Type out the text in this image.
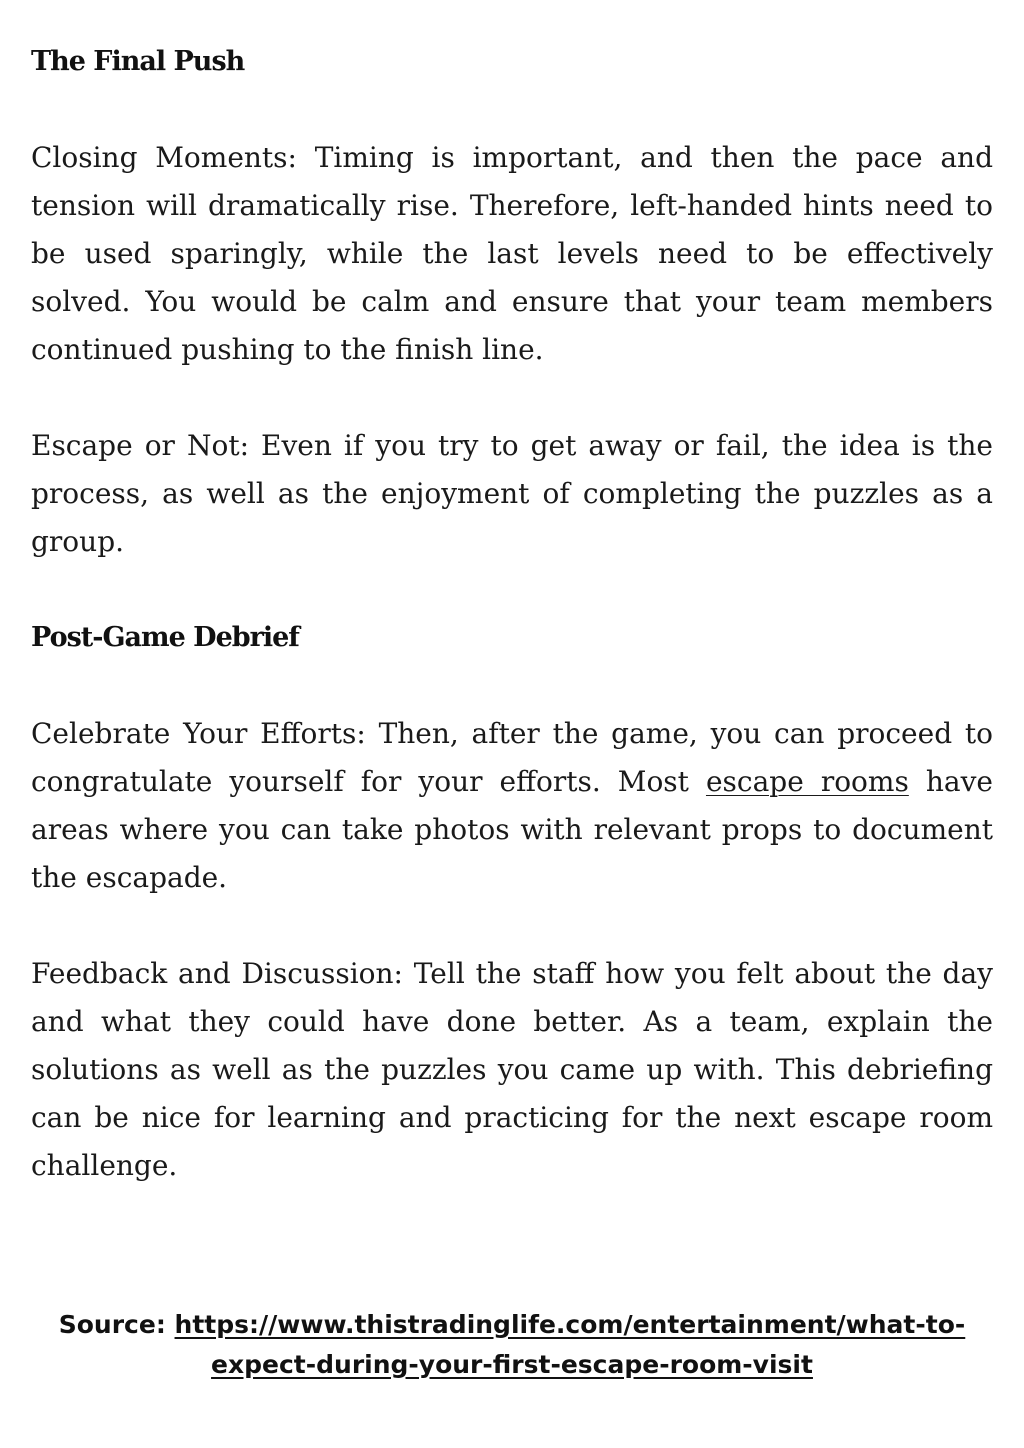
The Final Push

Closing Moments: Timing is important, and then the pace and tension will dramatically rise. Therefore, left-handed hints need to be used sparingly, while the last levels need to be effectively solved. You would be calm and ensure that your team members continued pushing to the finish line.

Escape or Not: Even if you try to get away or fail, the idea is the process, as well as the enjoyment of completing the puzzles as a group.

Post-Game Debrief

Celebrate Your Efforts: Then, after the game, you can proceed to congratulate yourself for your efforts. Most escape rooms have areas where you can take photos with relevant props to document the escapade.

Feedback and Discussion: Tell the staff how you felt about the day and what they could have done better. As a team, explain the solutions as well as the puzzles you came up with. This debriefing can be nice for learning and practicing for the next escape room challenge.

Source: https://www.thistradinglife.com/entertainment/what-to-
expect-during-your-first-escape-room-visit
